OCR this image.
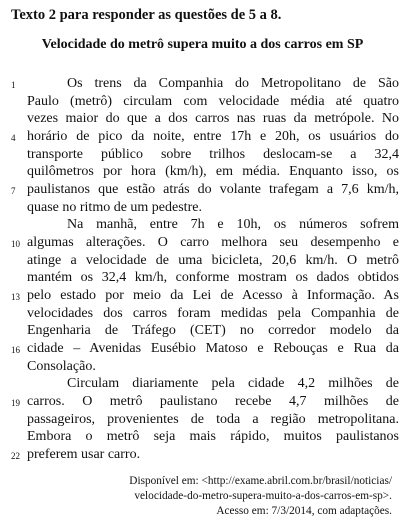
Texto 2 para responder as questões de 5 a 8.
Velocidade do metrô supera muito a dos carros em SP
1
4
7
10
13
16
19
22
Os trens da Companhia do Metropolitano de São
Paulo (metrô) circulam com velocidade média até quatro
vezes maior do que a dos carros nas ruas da metrópole. No
horário de pico da noite, entre 17h e 20h, os usuários do
transporte público sobre trilhos deslocam-se a 32,4
quilômetros por hora (km/h), em média. Enquanto isso, os
paulistanos que estão atrás do volante trafegam a 7,6 km/h,
quase no ritmo de um pedestre.
Na manhã, entre 7h e 10h, os números sofrem
algumas alterações. O carro melhora seu desempenho e
atinge a velocidade de uma bicicleta, 20,6 km/h. O metrô
mantém os 32,4 km/h, conforme mostram os dados obtidos
pelo estado por meio da Lei de Acesso à Informação. As
velocidades dos carros foram medidas pela Companhia de
Engenharia de Tráfego (CET) no corredor modelo da
cidade – Avenidas Eusébio Matoso e Rebouças e Rua da
Consolação.
Circulam diariamente pela cidade 4,2 milhões de
carros. O metrô paulistano recebe 4,7 milhões de
passageiros, provenientes de toda a região metropolitana.
Embora o metrô seja mais rápido, muitos paulistanos
preferem usar carro.
Disponível em: <http://exame.abril.com.br/brasil/noticias/
velocidade-do-metro-supera-muito-a-dos-carros-em-sp>.
Acesso em: 7/3/2014, com adaptações.
